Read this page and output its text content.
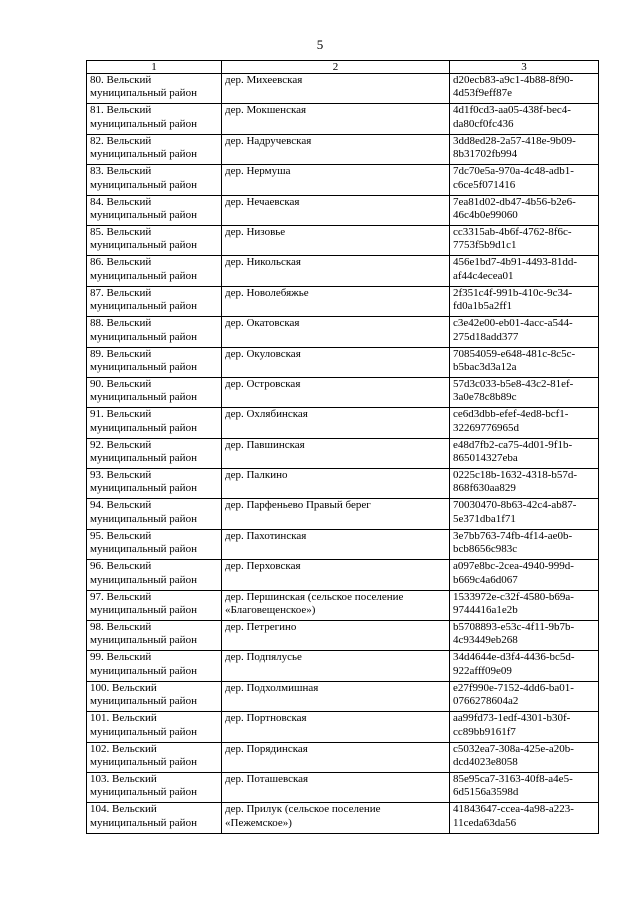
5
1	2	3
80. Вельский муниципальный район	дер. Михеевская	d20ecb83-a9c1-4b88-8f90-4d53f9eff87e
81. Вельский муниципальный район	дер. Мокшенская	4d1f0cd3-aa05-438f-bec4-da80cf0fc436
82. Вельский муниципальный район	дер. Надручевская	3dd8ed28-2a57-418e-9b09-8b31702fb994
83. Вельский муниципальный район	дер. Нермуша	7dc70e5a-970a-4c48-adb1-c6ce5f071416
84. Вельский муниципальный район	дер. Нечаевская	7ea81d02-db47-4b56-b2e6-46c4b0e99060
85. Вельский муниципальный район	дер. Низовье	cc3315ab-4b6f-4762-8f6c-7753f5b9d1c1
86. Вельский муниципальный район	дер. Никольская	456e1bd7-4b91-4493-81dd-af44c4ecea01
87. Вельский муниципальный район	дер. Новолебяжье	2f351c4f-991b-410c-9c34-fd0a1b5a2ff1
88. Вельский муниципальный район	дер. Окатовская	c3e42e00-eb01-4acc-a544-275d18add377
89. Вельский муниципальный район	дер. Окуловская	70854059-e648-481c-8c5c-b5bac3d3a12a
90. Вельский муниципальный район	дер. Островская	57d3c033-b5e8-43c2-81ef-3a0e78c8b89c
91. Вельский муниципальный район	дер. Охлябинская	ce6d3dbb-efef-4ed8-bcf1-32269776965d
92. Вельский муниципальный район	дер. Павшинская	e48d7fb2-ca75-4d01-9f1b-865014327eba
93. Вельский муниципальный район	дер. Палкино	0225c18b-1632-4318-b57d-868f630aa829
94. Вельский муниципальный район	дер. Парфеньево Правый берег	70030470-8b63-42c4-ab87-5e371dba1f71
95. Вельский муниципальный район	дер. Пахотинская	3e7bb763-74fb-4f14-ae0b-bcb8656c983c
96. Вельский муниципальный район	дер. Перховская	a097e8bc-2cea-4940-999d-b669c4a6d067
97. Вельский муниципальный район	дер. Першинская (сельское поселение «Благовещенское»)	1533972e-c32f-4580-b69a-9744416a1e2b
98. Вельский муниципальный район	дер. Петрегино	b5708893-e53c-4f11-9b7b-4c93449eb268
99. Вельский муниципальный район	дер. Подпялусье	34d4644e-d3f4-4436-bc5d-922afff09e09
100. Вельский муниципальный район	дер. Подхолмишная	e27f990e-7152-4dd6-ba01-0766278604a2
101. Вельский муниципальный район	дер. Портновская	aa99fd73-1edf-4301-b30f-cc89bb9161f7
102. Вельский муниципальный район	дер. Порядинская	c5032ea7-308a-425e-a20b-dcd4023e8058
103. Вельский муниципальный район	дер. Поташевская	85e95ca7-3163-40f8-a4e5-6d5156a3598d
104. Вельский муниципальный район	дер. Прилук (сельское поселение «Пежемское»)	41843647-ccea-4a98-a223-11ceda63da56
